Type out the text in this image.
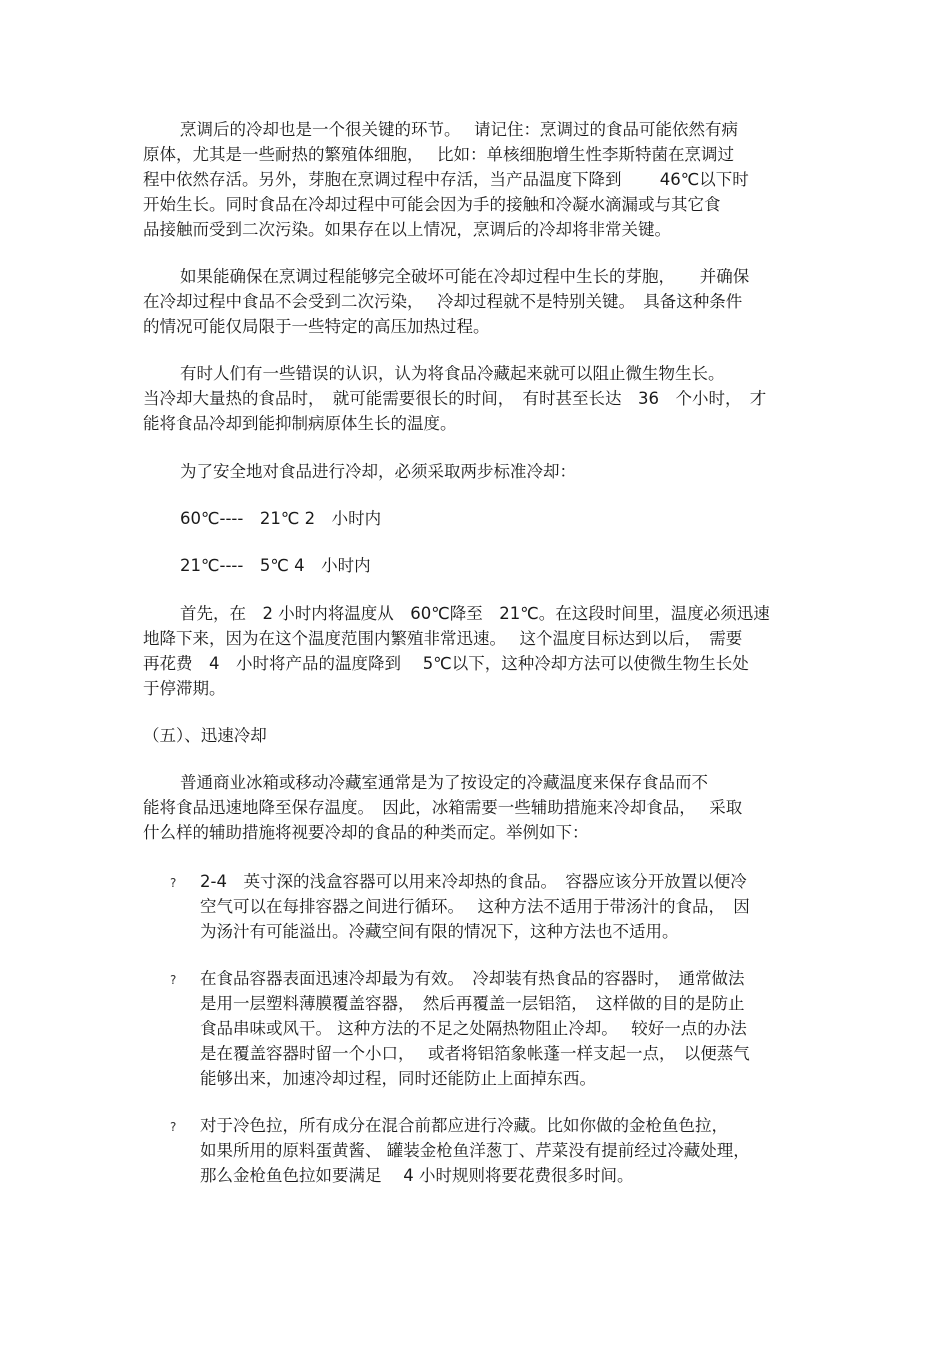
烹调后的冷却也是一个很关键的环节。　 请记住：烹调过的食品可能依然有病
原体，尤其是一些耐热的繁殖体细胞，　 比如：单核细胞增生性李斯特菌在烹调过
程中依然存活。另外，芽胞在烹调过程中存活，当产品温度下降到　　 46℃以下时
开始生长。同时食品在冷却过程中可能会因为手的接触和冷凝水滴漏或与其它食
品接触而受到二次污染。如果存在以上情况，烹调后的冷却将非常关键。
如果能确保在烹调过程能够完全破坏可能在冷却过程中生长的芽胞，　　并确保
在冷却过程中食品不会受到二次污染，　 冷却过程就不是特别关键。　具备这种条件
的情况可能仅局限于一些特定的高压加热过程。
有时人们有一些错误的认识，认为将食品冷藏起来就可以阻止微生物生长。
当冷却大量热的食品时，　就可能需要很长的时间，　有时甚至长达　36　个小时，　才
能将食品冷却到能抑制病原体生长的温度。
为了安全地对食品进行冷却，必须采取两步标准冷却：
60℃----　21℃ 2　小时内
21℃----　5℃ 4　小时内
首先，在　2 小时内将温度从　60℃降至　21℃。在这段时间里，温度必须迅速
地降下来，因为在这个温度范围内繁殖非常迅速。　 这个温度目标达到以后，　需要
再花费　4　小时将产品的温度降到　 5℃以下，这种冷却方法可以使微生物生长处
于停滞期。
（五）、迅速冷却
普通商业冰箱或移动冷藏室通常是为了按设定的冷藏温度来保存食品而不
能将食品迅速地降至保存温度。　因此，冰箱需要一些辅助措施来冷却食品，　 采取
什么样的辅助措施将视要冷却的食品的种类而定。举例如下：
? 2-4　英寸深的浅盒容器可以用来冷却热的食品。　容器应该分开放置以便冷
空气可以在每排容器之间进行循环。　 这种方法不适用于带汤汁的食品，　因
为汤汁有可能溢出。冷藏空间有限的情况下，这种方法也不适用。
? 在食品容器表面迅速冷却最为有效。　冷却装有热食品的容器时，　通常做法
是用一层塑料薄膜覆盖容器，　然后再覆盖一层铝箔，　这样做的目的是防止
食品串味或风干。 这种方法的不足之处隔热物阻止冷却。　 较好一点的办法
是在覆盖容器时留一个小口，　 或者将铝箔象帐蓬一样支起一点，　以便蒸气
能够出来，加速冷却过程，同时还能防止上面掉东西。
? 对于冷色拉，所有成分在混合前都应进行冷藏。比如你做的金枪鱼色拉，
如果所用的原料蛋黄酱、 罐装金枪鱼洋葱丁、芹菜没有提前经过冷藏处理，
那么金枪鱼色拉如要满足　 4 小时规则将要花费很多时间。
